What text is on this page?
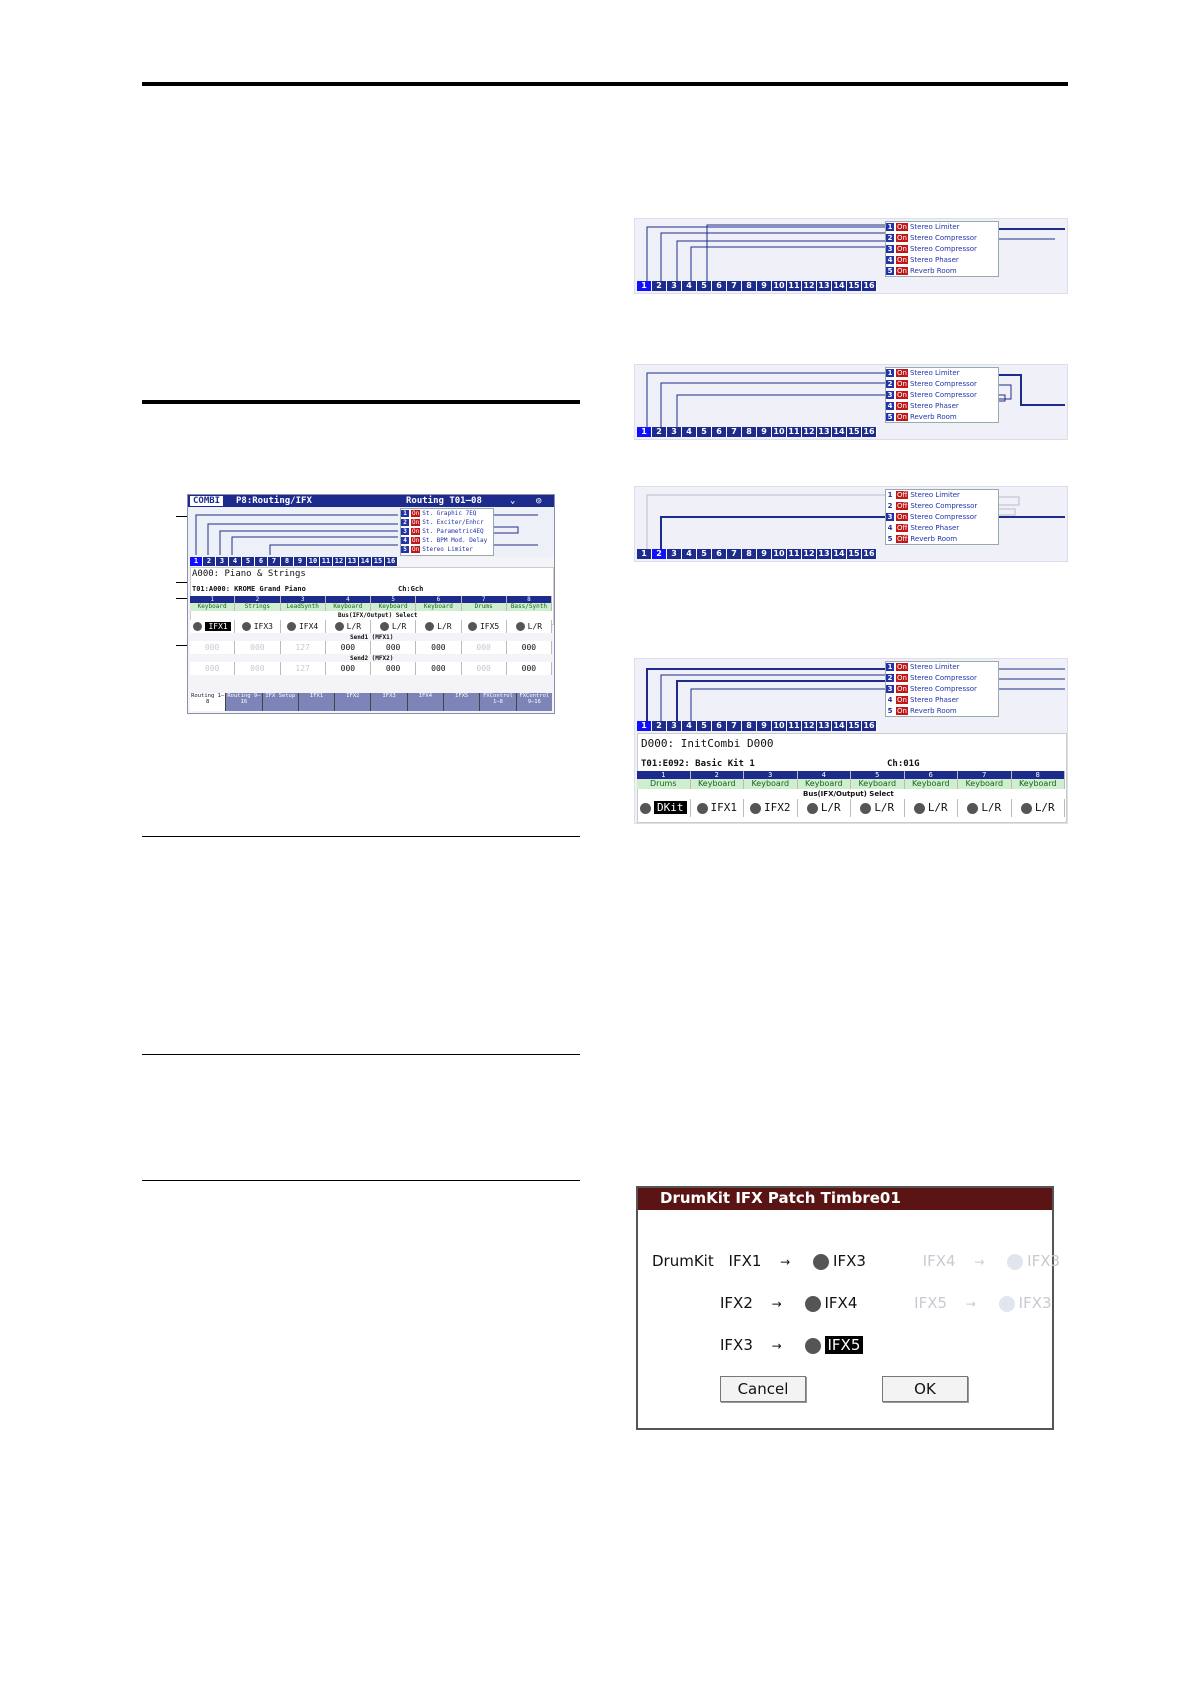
COMBI	P8:Routing/IFX	Routing T01–08	⌄ ◎
1 On St. Graphic 7EQ
2 On St. Exciter/Enhcr
3 On St. Parametric4EQ
4 On St. BPM Mod. Delay
5 On Stereo Limiter
1	2	3	4	5	6	7	8	9 10 11 12 13 14 15 16
A000: Piano & Strings
T01:A000: KROME Grand Piano	Ch:Gch
1	2	3	4	5	6	7	8
Keyboard	Strings	LeadSynth	Keyboard	Keyboard	Keyboard	Drums	Bass/Synth
Bus(IFX/Output) Select
IFX1	IFX3	IFX4	L/R	L/R	L/R	IFX5	L/R
Send1 (MFX1)
000	000	127	000	000	000	000	000
Send2 (MFX2)
000	000	127	000	000	000	000	000
Routing 1–8
Routing 9–16
IFX Setup	IFX1	IFX2	IFX3	IFX4	IFX5	FXControl 1–8
FXControl 9–16
1 On Stereo Limiter
2 On Stereo Compressor
3 On Stereo Compressor
4 On Stereo Phaser
5 On Reverb Room
1	2	3	4	5	6	7	8	9 10 11 12 13 14 15 16
1 On Stereo Limiter
2 On Stereo Compressor
3 On Stereo Compressor
4 On Stereo Phaser
5 On Reverb Room
1	2	3	4	5	6	7	8	9 10 11 12 13 14 15 16
1 Off Stereo Limiter
2 Off Stereo Compressor
3 On Stereo Compressor
4 Off Stereo Phaser
5 Off Reverb Room
1	2	3	4	5	6	7	8	9 10 11 12 13 14 15 16
1 On Stereo Limiter
2 On Stereo Compressor
3 On Stereo Compressor
4 On Stereo Phaser
5 On Reverb Room
1	2	3	4	5	6	7	8	9 10 11 12 13 14 15 16
D000: InitCombi D000
T01:E092: Basic Kit 1	Ch:01G
1	2	3	4	5	6	7	8
Drums	Keyboard	Keyboard	Keyboard	Keyboard	Keyboard	Keyboard	Keyboard
Bus(IFX/Output) Select
DKit	IFX1	IFX2	L/R	L/R	L/R	L/R	L/R
DrumKit IFX Patch Timbre01
DrumKit IFX1 →	IFX3	IFX4 →	IFX3
IFX2 →	IFX4	IFX5 →	IFX3
IFX3 →	IFX5
Cancel	OK
